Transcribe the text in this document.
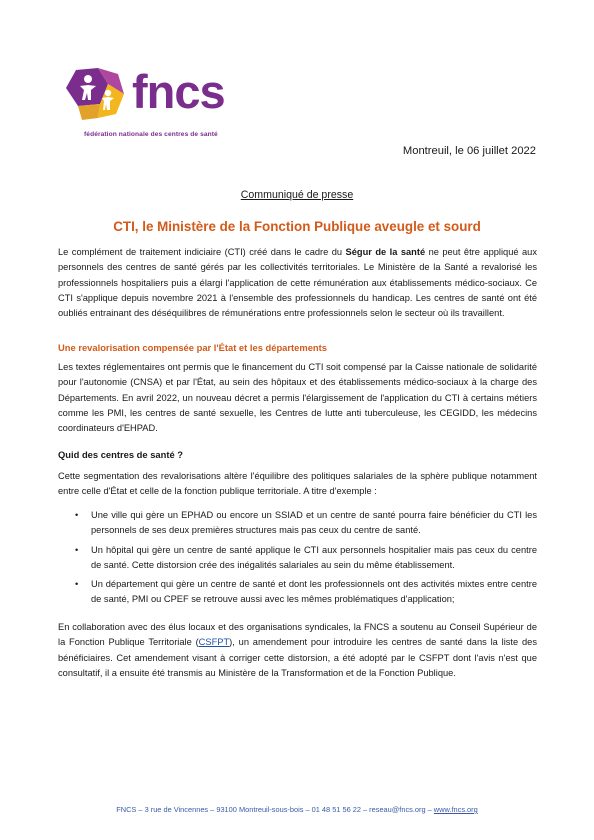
fncs
fédération nationale des centres de santé
Montreuil, le 06 juillet 2022
Communiqué de presse
CTI, le Ministère de la Fonction Publique aveugle et sourd

Le complément de traitement indiciaire (CTI) créé dans le cadre du Ségur de la santé ne peut être appliqué aux personnels des centres de santé gérés par les collectivités territoriales. Le Ministère de la Santé a revalorisé les professionnels hospitaliers puis a élargi l'application de cette rémunération aux établissements médico-sociaux. Ce CTI s'applique depuis novembre 2021 à l'ensemble des professionnels du handicap. Les centres de santé ont été oubliés entrainant des déséquilibres de rémunérations entre professionnels selon le secteur où ils travaillent.

Une revalorisation compensée par l'État et les départements

Les textes réglementaires ont permis que le financement du CTI soit compensé par la Caisse nationale de solidarité pour l'autonomie (CNSA) et par l'État, au sein des hôpitaux et des établissements médico-sociaux à la charge des Départements. En avril 2022, un nouveau décret a permis l'élargissement de l'application du CTI à certains métiers comme les PMI, les centres de santé sexuelle, les Centres de lutte anti tuberculeuse, les CEGIDD, les médecins coordinateurs d'EHPAD.

Quid des centres de santé ?

Cette segmentation des revalorisations altère l'équilibre des politiques salariales de la sphère publique notamment entre celle d'État et celle de la fonction publique territoriale. A titre d'exemple :

• Une ville qui gère un EPHAD ou encore un SSIAD et un centre de santé pourra faire bénéficier du CTI les personnels de ses deux premières structures mais pas ceux du centre de santé.
• Un hôpital qui gère un centre de santé applique le CTI aux personnels hospitalier mais pas ceux du centre de santé. Cette distorsion crée des inégalités salariales au sein du même établissement.
• Un département qui gère un centre de santé et dont les professionnels ont des activités mixtes entre centre de santé, PMI ou CPEF se retrouve aussi avec les mêmes problématiques d'application;

En collaboration avec des élus locaux et des organisations syndicales, la FNCS a soutenu au Conseil Supérieur de la Fonction Publique Territoriale (CSFPT), un amendement pour introduire les centres de santé dans la liste des bénéficiaires. Cet amendement visant à corriger cette distorsion, a été adopté par le CSFPT dont l'avis n'est que consultatif, il a ensuite été transmis au Ministère de la Transformation et de la Fonction Publique.

FNCS – 3 rue de Vincennes – 93100 Montreuil-sous-bois – 01 48 51 56 22 – reseau@fncs.org – www.fncs.org
